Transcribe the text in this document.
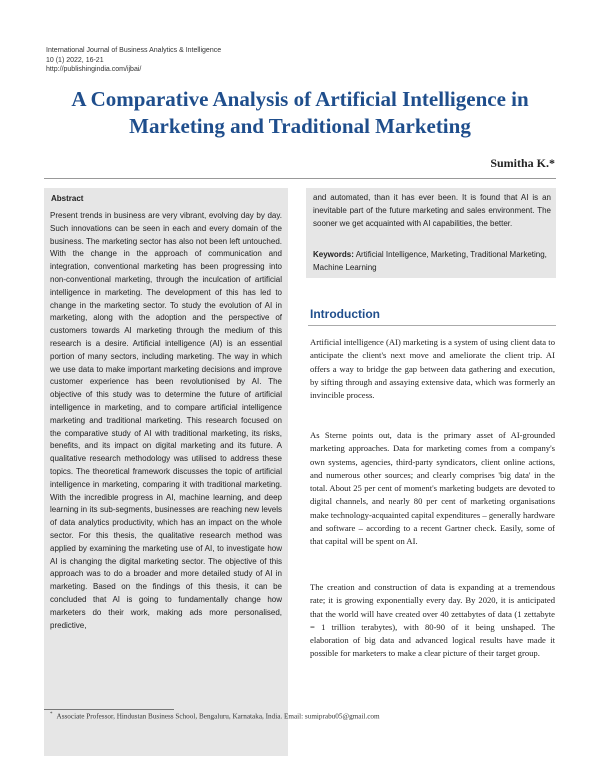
International Journal of Business Analytics & Intelligence
10 (1) 2022, 16-21
http://publishingindia.com/ijbai/
A Comparative Analysis of Artificial Intelligence in Marketing and Traditional Marketing
Sumitha K.*
Abstract

Present trends in business are very vibrant, evolving day by day. Such innovations can be seen in each and every domain of the business. The marketing sector has also not been left untouched. With the change in the approach of communication and integration, conventional marketing has been progressing into non-conventional marketing, through the inculcation of artificial intelligence in marketing. The development of this has led to change in the marketing sector. To study the evolution of AI in marketing, along with the adoption and the perspective of customers towards AI marketing through the medium of this research is a desire. Artificial intelligence (AI) is an essential portion of many sectors, including marketing. The way in which we use data to make important marketing decisions and improve customer experience has been revolutionised by AI. The objective of this study was to determine the future of artificial intelligence in marketing, and to compare artificial intelligence marketing and traditional marketing. This research focused on the comparative study of AI with traditional marketing, its risks, benefits, and its impact on digital marketing and its future. A qualitative research methodology was utilised to address these topics. The theoretical framework discusses the topic of artificial intelligence in marketing, comparing it with traditional marketing. With the incredible progress in AI, machine learning, and deep learning in its sub-segments, businesses are reaching new levels of data analytics productivity, which has an impact on the whole sector. For this thesis, the qualitative research method was applied by examining the marketing use of AI, to investigate how AI is changing the digital marketing sector. The objective of this approach was to do a broader and more detailed study of AI in marketing. Based on the findings of this thesis, it can be concluded that AI is going to fundamentally change how marketers do their work, making ads more personalised, predictive,

and automated, than it has ever been. It is found that AI is an inevitable part of the future marketing and sales environment. The sooner we get acquainted with AI capabilities, the better.

Keywords: Artificial Intelligence, Marketing, Traditional Marketing, Machine Learning
Introduction

Artificial intelligence (AI) marketing is a system of using client data to anticipate the client's next move and ameliorate the client trip. AI offers a way to bridge the gap between data gathering and execution, by sifting through and assaying extensive data, which was formerly an invincible process.

As Sterne points out, data is the primary asset of AI-grounded marketing approaches. Data for marketing comes from a company's own systems, agencies, third-party syndicators, client online actions, and numerous other sources; and clearly comprises 'big data' in the total. About 25 per cent of moment's marketing budgets are devoted to digital channels, and nearly 80 per cent of marketing organisations make technology-acquainted capital expenditures – generally hardware and software – according to a recent Gartner check. Easily, some of that capital will be spent on AI.

The creation and construction of data is expanding at a tremendous rate; it is growing exponentially every day. By 2020, it is anticipated that the world will have created over 40 zettabytes of data (1 zettabyte = 1 trillion terabytes), with 80-90 of it being unshaped. The elaboration of big data and advanced logical results have made it possible for marketers to make a clear picture of their target group.

* Associate Professor, Hindustan Business School, Bengaluru, Karnataka, India. Email: sumiprabu05@gmail.com
